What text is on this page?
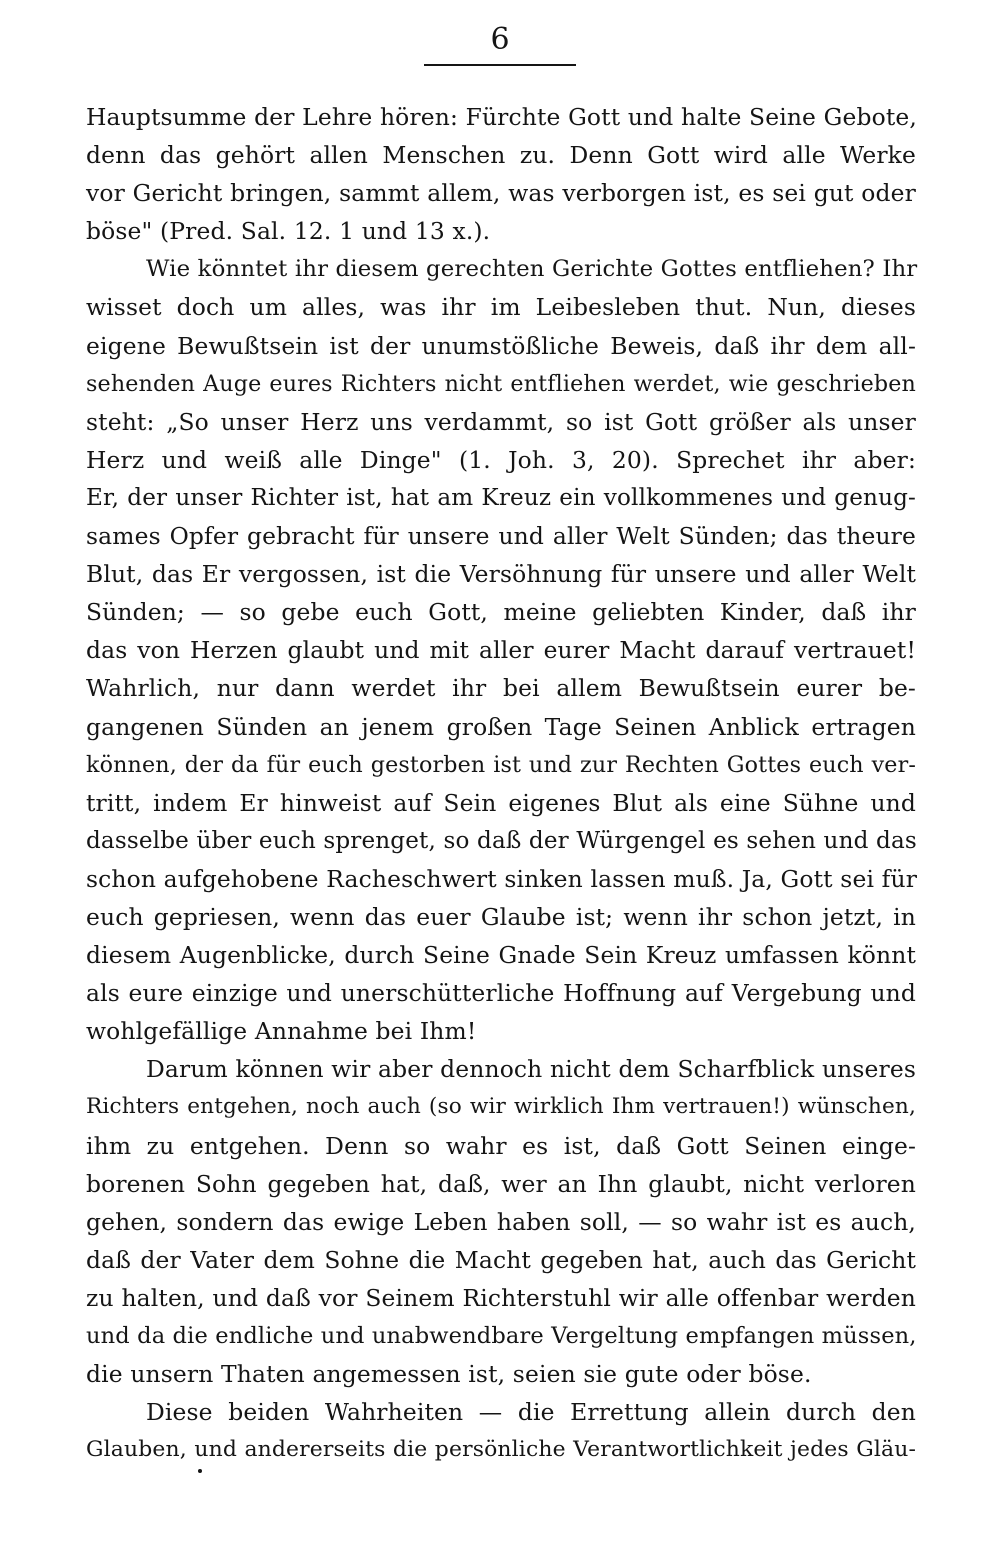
6
Hauptsumme der Lehre hören: Fürchte Gott und halte Seine Gebote,
denn das gehört allen Menschen zu. Denn Gott wird alle Werke
vor Gericht bringen, sammt allem, was verborgen ist, es sei gut oder
böse" (Pred. Sal. 12. 1 und 13 x.).
Wie könntet ihr diesem gerechten Gerichte Gottes entfliehen? Ihr
wisset doch um alles, was ihr im Leibesleben thut. Nun, dieses
eigene Bewußtsein ist der unumstößliche Beweis, daß ihr dem all-
sehenden Auge eures Richters nicht entfliehen werdet, wie geschrieben
steht: „So unser Herz uns verdammt, so ist Gott größer als unser
Herz und weiß alle Dinge" (1. Joh. 3, 20). Sprechet ihr aber:
Er, der unser Richter ist, hat am Kreuz ein vollkommenes und genug-
sames Opfer gebracht für unsere und aller Welt Sünden; das theure
Blut, das Er vergossen, ist die Versöhnung für unsere und aller Welt
Sünden; — so gebe euch Gott, meine geliebten Kinder, daß ihr
das von Herzen glaubt und mit aller eurer Macht darauf vertrauet!
Wahrlich, nur dann werdet ihr bei allem Bewußtsein eurer be-
gangenen Sünden an jenem großen Tage Seinen Anblick ertragen
können, der da für euch gestorben ist und zur Rechten Gottes euch ver-
tritt, indem Er hinweist auf Sein eigenes Blut als eine Sühne und
dasselbe über euch sprenget, so daß der Würgengel es sehen und das
schon aufgehobene Racheschwert sinken lassen muß. Ja, Gott sei für
euch gepriesen, wenn das euer Glaube ist; wenn ihr schon jetzt, in
diesem Augenblicke, durch Seine Gnade Sein Kreuz umfassen könnt
als eure einzige und unerschütterliche Hoffnung auf Vergebung und
wohlgefällige Annahme bei Ihm!
Darum können wir aber dennoch nicht dem Scharfblick unseres
Richters entgehen, noch auch (so wir wirklich Ihm vertrauen!) wünschen,
ihm zu entgehen. Denn so wahr es ist, daß Gott Seinen einge-
borenen Sohn gegeben hat, daß, wer an Ihn glaubt, nicht verloren
gehen, sondern das ewige Leben haben soll, — so wahr ist es auch,
daß der Vater dem Sohne die Macht gegeben hat, auch das Gericht
zu halten, und daß vor Seinem Richterstuhl wir alle offenbar werden
und da die endliche und unabwendbare Vergeltung empfangen müssen,
die unsern Thaten angemessen ist, seien sie gute oder böse.
Diese beiden Wahrheiten — die Errettung allein durch den
Glauben, und andererseits die persönliche Verantwortlichkeit jedes Gläu-
